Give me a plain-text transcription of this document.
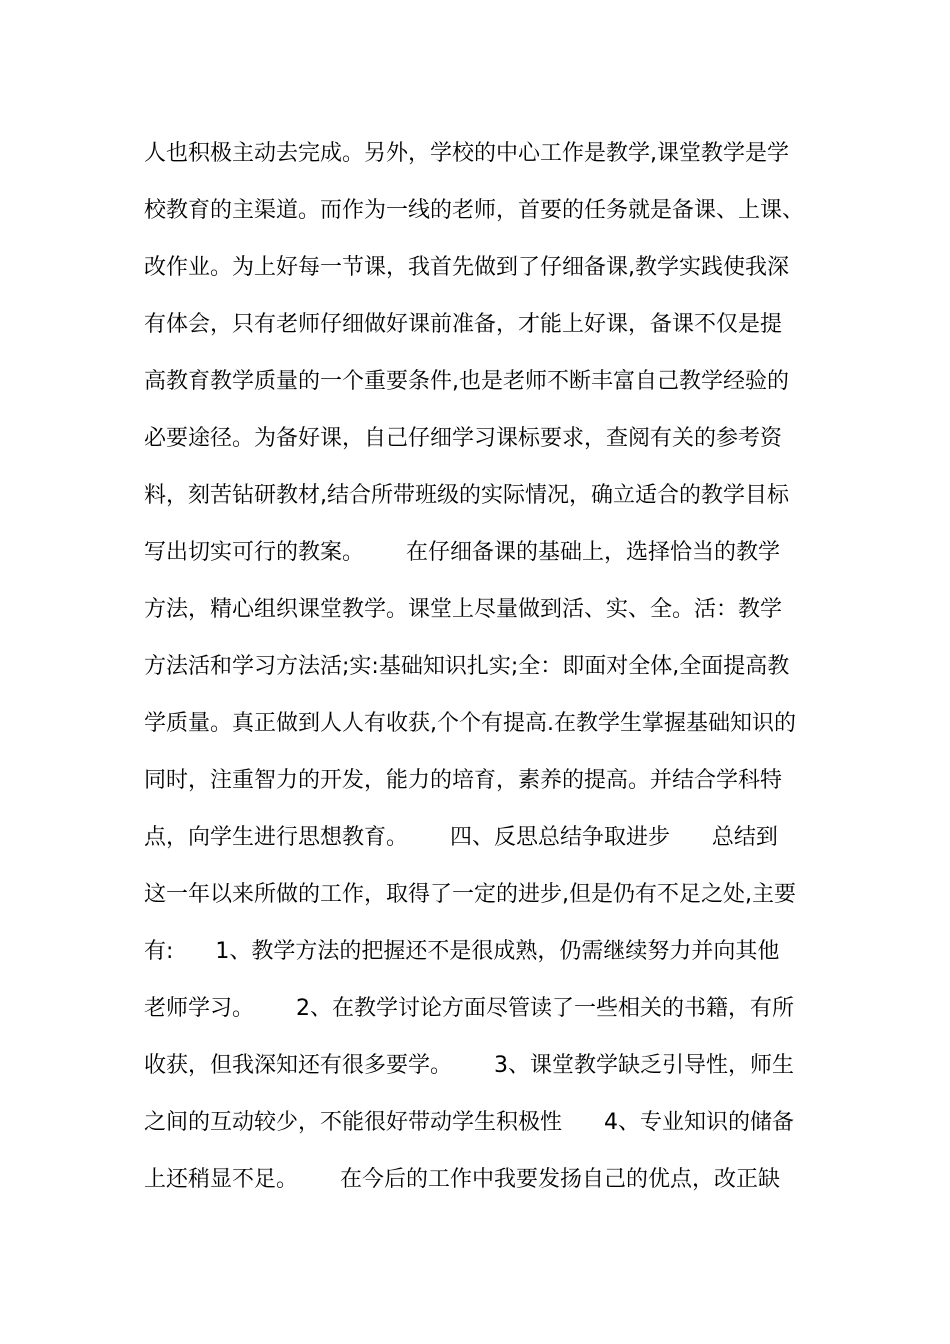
人也积极主动去完成。另外，学校的中心工作是教学,课堂教学是学
校教育的主渠道。而作为一线的老师，首要的任务就是备课、上课、
改作业。为上好每一节课，我首先做到了仔细备课,教学实践使我深
有体会，只有老师仔细做好课前准备，才能上好课，备课不仅是提
高教育教学质量的一个重要条件,也是老师不断丰富自己教学经验的
必要途径。为备好课，自己仔细学习课标要求，查阅有关的参考资
料，刻苦钻研教材,结合所带班级的实际情况，确立适合的教学目标
写出切实可行的教案。      在仔细备课的基础上，选择恰当的教学
方法，精心组织课堂教学。课堂上尽量做到活、实、全。活：教学
方法活和学习方法活;实:基础知识扎实;全：即面对全体,全面提高教
学质量。真正做到人人有收获,个个有提高.在教学生掌握基础知识的
同时，注重智力的开发，能力的培育，素养的提高。并结合学科特
点，向学生进行思想教育。      四、反思总结争取进步      总结到
这一年以来所做的工作，取得了一定的进步,但是仍有不足之处,主要
有:      1、教学方法的把握还不是很成熟，仍需继续努力并向其他
老师学习。      2、在教学讨论方面尽管读了一些相关的书籍，有所
收获，但我深知还有很多要学。      3、课堂教学缺乏引导性，师生
之间的互动较少，不能很好带动学生积极性      4、专业知识的储备
上还稍显不足。      在今后的工作中我要发扬自己的优点，改正缺
